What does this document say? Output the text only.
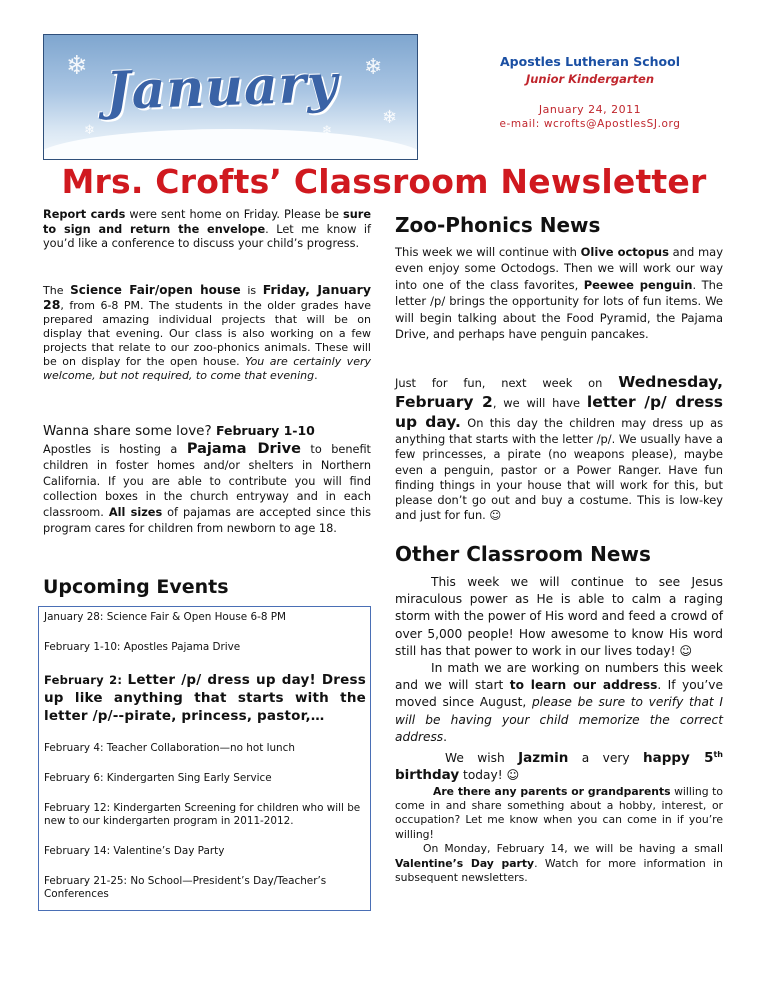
❄	❄
❄
❄
❄
January	Apostles Lutheran School
Junior Kindergarten
January 24, 2011
e-mail: wcrofts@ApostlesSJ.org
Mrs. Crofts’ Classroom Newsletter
Report cards were sent home on Friday. Please be sure to sign and return the envelope. Let me know if you’d like a conference to discuss your child’s progress.
The Science Fair/open house is Friday, January 28, from 6-8 PM. The students in the older grades have prepared amazing individual projects that will be on display that evening. Our class is also working on a few projects that relate to our zoo-phonics animals. These will be on display for the open house. You are certainly very welcome, but not required, to come that evening.
Wanna share some love? February 1-10
Apostles is hosting a Pajama Drive to benefit children in foster homes and/or shelters in Northern California. If you are able to contribute you will find collection boxes in the church entryway and in each classroom. All sizes of pajamas are accepted since this program cares for children from newborn to age 18.
Upcoming Events
January 28: Science Fair & Open House 6-8 PM
February 1-10: Apostles Pajama Drive
February 2: Letter /p/ dress up day! Dress up like anything that starts with the letter /p/--pirate, princess, pastor,…
February 4: Teacher Collaboration—no hot lunch
February 6: Kindergarten Sing Early Service
February 12: Kindergarten Screening for children who will be new to our kindergarten program in 2011-2012.
February 14: Valentine’s Day Party
February 21-25: No School—President’s Day/Teacher’s Conferences
Zoo-Phonics News
This week we will continue with Olive octopus and may even enjoy some Octodogs. Then we will work our way into one of the class favorites, Peewee penguin. The letter /p/ brings the opportunity for lots of fun items. We will begin talking about the Food Pyramid, the Pajama Drive, and perhaps have penguin pancakes.
Just for fun, next week on Wednesday, February 2, we will have letter /p/ dress up day. On this day the children may dress up as anything that starts with the letter /p/. We usually have a few princesses, a pirate (no weapons please), maybe even a penguin, pastor or a Power Ranger. Have fun finding things in your house that will work for this, but please don’t go out and buy a costume. This is low-key and just for fun. ☺
Other Classroom News

This week we will continue to see Jesus miraculous power as He is able to calm a raging storm with the power of His word and feed a crowd of over 5,000 people! How awesome to know His word still has that power to work in our lives today! ☺

In math we are working on numbers this week and we will start to learn our address. If you’ve moved since August, please be sure to verify that I will be having your child memorize the correct address.

We wish Jazmin a very happy 5th birthday today! ☺

Are there any parents or grandparents willing to come in and share something about a hobby, interest, or occupation? Let me know when you can come in if you’re willing!

On Monday, February 14, we will be having a small Valentine’s Day party. Watch for more information in subsequent newsletters.
